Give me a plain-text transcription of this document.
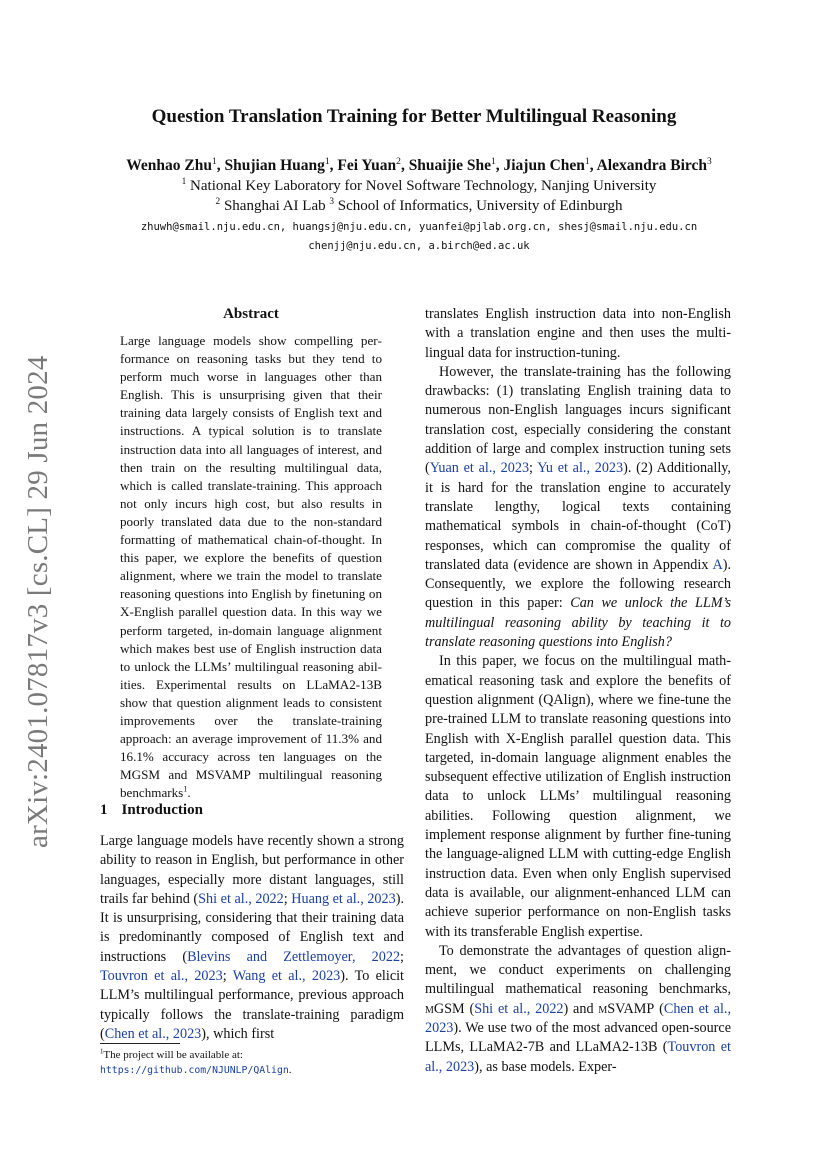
arXiv:2401.07817v3 [cs.CL] 29 Jun 2024
Question Translation Training for Better Multilingual Reasoning
Wenhao Zhu$^1$, Shujian Huang$^1$, Fei Yuan$^2$, Shuaijie She$^1$, Jiajun Chen$^1$, Alexandra Birch$^3$
$^1$ National Key Laboratory for Novel Software Technology, Nanjing University
$^2$ Shanghai AI Lab $^3$ School of Informatics, University of Edinburgh
zhuwh@smail.nju.edu.cn, huangsj@nju.edu.cn, yuanfei@pjlab.org.cn, shesj@smail.nju.edu.cn
chenjj@nju.edu.cn, a.birch@ed.ac.uk
Abstract
Large language models show compelling performance on reasoning tasks but they tend to perform much worse in languages other than English. This is unsurprising given that their training data largely consists of English text and instructions. A typical solution is to translate instruction data into all languages of interest, and then train on the resulting multilingual data, which is called translate-training. This approach not only incurs high cost, but also results in poorly translated data due to the non-standard formatting of mathematical chain-of-thought. In this paper, we explore the benefits of question alignment, where we train the model to translate reasoning questions into English by finetuning on X-English parallel question data. In this way we perform targeted, in-domain language alignment which makes best use of English instruction data to unlock the LLMs’ multilingual reasoning abilities. Experimental results on LLaMA2-13B show that question alignment leads to consistent improvements over the translate-training approach: an average improvement of 11.3% and 16.1% accuracy across ten languages on the MGSM and MSVAMP multilingual reasoning benchmarks$^1$.
1 Introduction
Large language models have recently shown a strong ability to reason in English, but performance in other languages, especially more distant languages, still trails far behind (Shi et al., 2022; Huang et al., 2023). It is unsurprising, considering that their training data is predominantly composed of English text and instructions (Blevins and Zettlemoyer, 2022; Touvron et al., 2023; Wang et al., 2023). To elicit LLM’s multilingual performance, previous approach typically follows the translate-training paradigm (Chen et al., 2023), which first
$^1$The project will be available at: https://github.com/NJUNLP/QAlign.

translates English instruction data into non-English with a translation engine and then uses the multilingual data for instruction-tuning.

However, the translate-training has the following drawbacks: (1) translating English training data to numerous non-English languages incurs significant translation cost, especially considering the constant addition of large and complex instruction tuning sets (Yuan et al., 2023; Yu et al., 2023). (2) Additionally, it is hard for the translation engine to accurately translate lengthy, logical texts containing mathematical symbols in chain-of-thought (CoT) responses, which can compromise the quality of translated data (evidence are shown in Appendix A). Consequently, we explore the following research question in this paper: Can we unlock the LLM’s multilingual reasoning ability by teaching it to translate reasoning questions into English?

In this paper, we focus on the multilingual mathematical reasoning task and explore the benefits of question alignment (QAlign), where we fine-tune the pre-trained LLM to translate reasoning questions into English with X-English parallel question data. This targeted, in-domain language alignment enables the subsequent effective utilization of English instruction data to unlock LLMs’ multilingual reasoning abilities. Following question alignment, we implement response alignment by further fine-tuning the language-aligned LLM with cutting-edge English instruction data. Even when only English supervised data is available, our alignment-enhanced LLM can achieve superior performance on non-English tasks with its transferable English expertise.

To demonstrate the advantages of question alignment, we conduct experiments on challenging multilingual mathematical reasoning benchmarks, mGSM (Shi et al., 2022) and mSVAMP (Chen et al., 2023). We use two of the most advanced open-source LLMs, LLaMA2-7B and LLaMA2-13B (Touvron et al., 2023), as base models. Exper-
